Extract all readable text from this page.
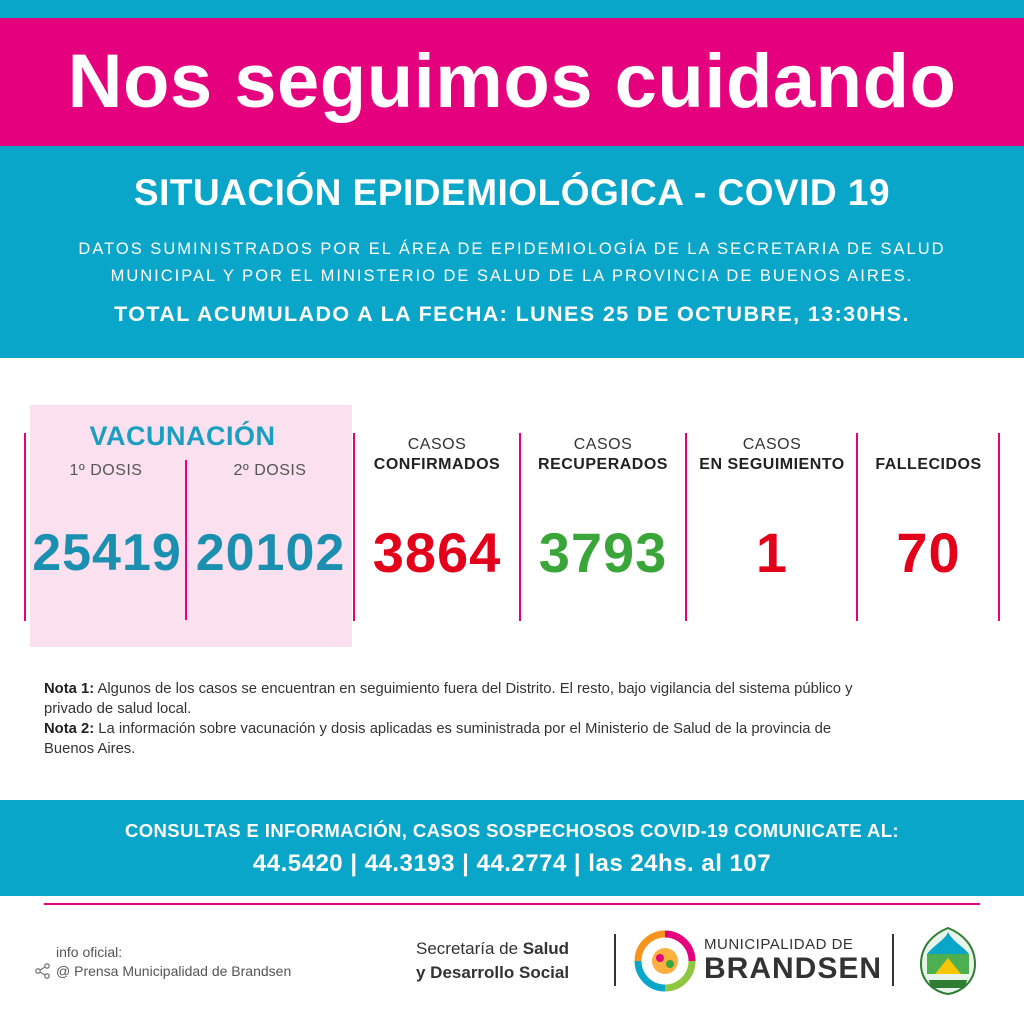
Nos seguimos cuidando
SITUACIÓN EPIDEMIOLÓGICA - COVID 19
DATOS SUMINISTRADOS POR EL ÁREA DE EPIDEMIOLOGÍA DE LA SECRETARIA DE SALUD
MUNICIPAL Y POR EL MINISTERIO DE SALUD DE LA PROVINCIA DE BUENOS AIRES.
TOTAL ACUMULADO A LA FECHA: LUNES 25 DE OCTUBRE, 13:30HS.
VACUNACIÓN
1º DOSIS	2º DOSIS
25419 20102
CASOS
CONFIRMADOS
3864
CASOS
RECUPERADOS
3793
CASOS
EN SEGUIMIENTO
1
FALLECIDOS
70

Nota 1: Algunos de los casos se encuentran en seguimiento fuera del Distrito. El resto, bajo vigilancia del sistema público y privado de salud local.

Nota 2: La información sobre vacunación y dosis aplicadas es suministrada por el Ministerio de Salud de la provincia de Buenos Aires.

CONSULTAS E INFORMACIÓN, CASOS SOSPECHOSOS COVID-19 COMUNICATE AL:
44.5420 | 44.3193 | 44.2774 | las 24hs. al 107
info oficial:
@ Prensa Municipalidad de Brandsen
Secretaría de Salud
y Desarrollo Social
MUNICIPALIDAD DE
BRANDSEN
